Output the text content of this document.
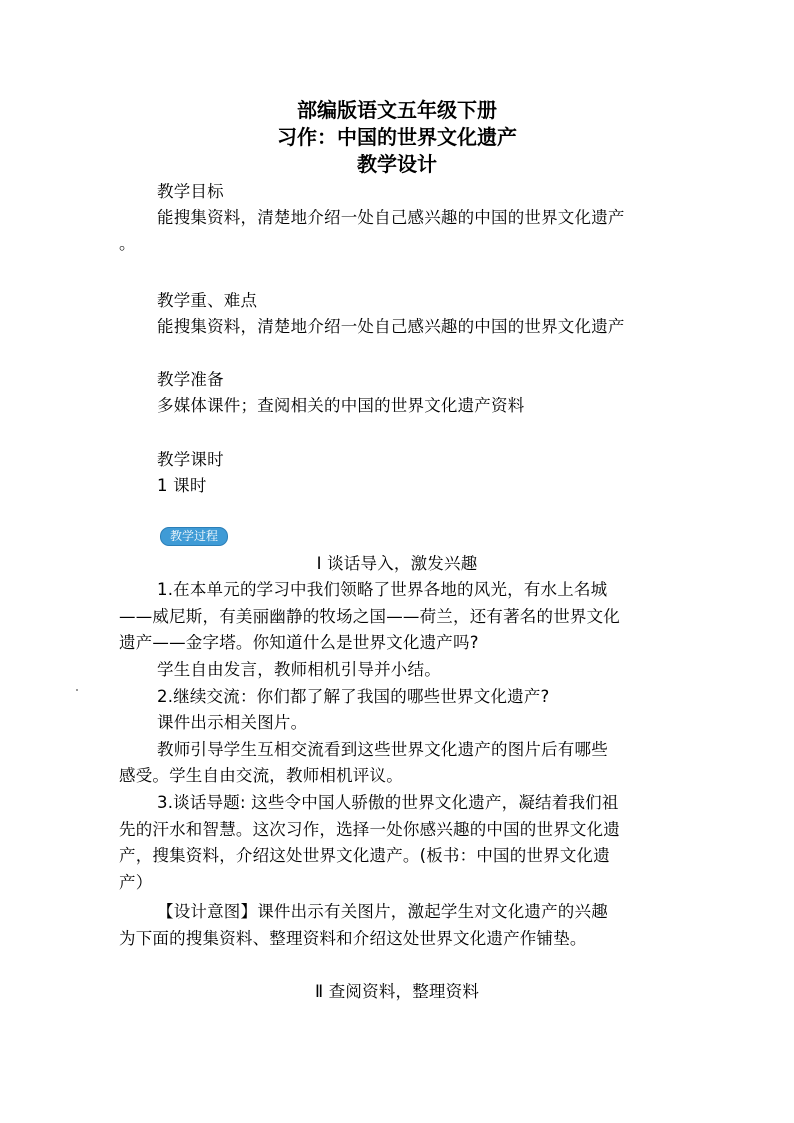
部编版语文五年级下册
习作：中国的世界文化遗产
教学设计
教学目标
能搜集资料，清楚地介绍一处自己感兴趣的中国的世界文化遗产
。
教学重、难点
能搜集资料，清楚地介绍一处自己感兴趣的中国的世界文化遗产
教学准备
多媒体课件；查阅相关的中国的世界文化遗产资料
教学课时
1 课时
教学过程
Ⅰ 谈话导入，激发兴趣
1.在本单元的学习中我们领略了世界各地的风光，有水上名城
——威尼斯，有美丽幽静的牧场之国——荷兰，还有著名的世界文化
遗产——金字塔。你知道什么是世界文化遗产吗?
学生自由发言，教师相机引导并小结。
2.继续交流：你们都了解了我国的哪些世界文化遗产?
课件出示相关图片。
教师引导学生互相交流看到这些世界文化遗产的图片后有哪些
感受。学生自由交流，教师相机评议。
3.谈话导题: 这些令中国人骄傲的世界文化遗产，凝结着我们祖
先的汗水和智慧。这次习作，选择一处你感兴趣的中国的世界文化遗
产，搜集资料，介绍这处世界文化遗产。(板书：中国的世界文化遗
产）
【设计意图】课件出示有关图片，激起学生对文化遗产的兴趣
为下面的搜集资料、整理资料和介绍这处世界文化遗产作铺垫。
Ⅱ 查阅资料，整理资料
